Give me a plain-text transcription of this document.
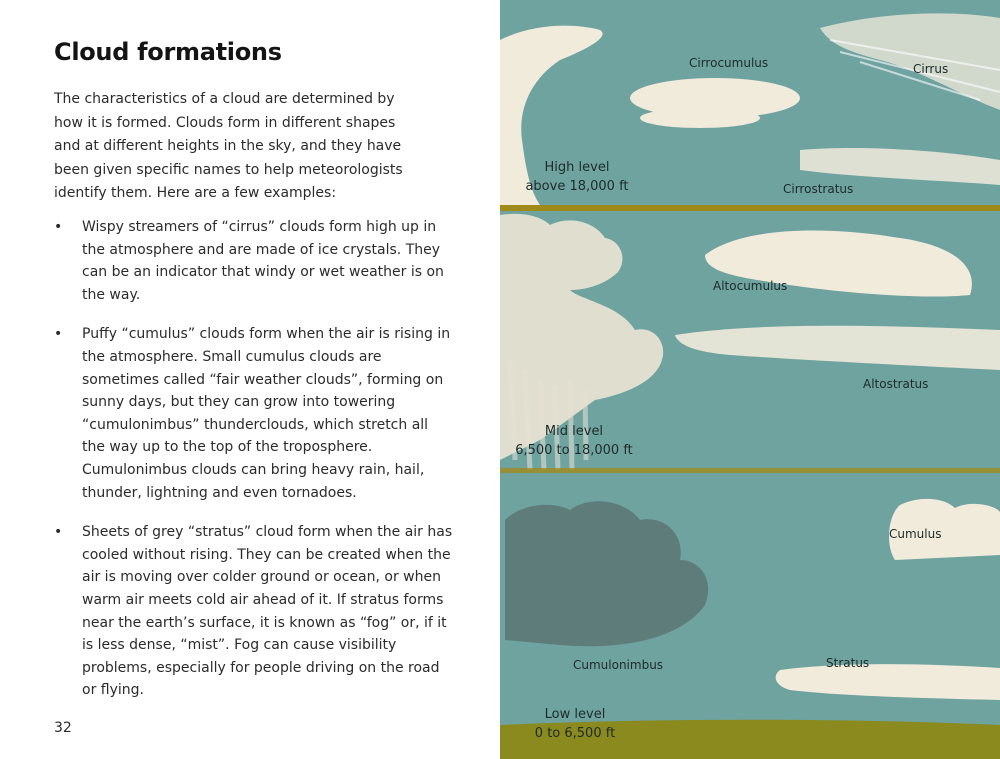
Cloud formations
The characteristics of a cloud are determined by how it is formed. Clouds form in different shapes and at different heights in the sky, and they have been given specific names to help meteorologists identify them. Here are a few examples:
• Wispy streamers of “cirrus” clouds form high up in the atmosphere and are made of ice crystals. They can be an indicator that windy or wet weather is on the way.
• Puffy “cumulus” clouds form when the air is rising in the atmosphere. Small cumulus clouds are sometimes called “fair weather clouds”, forming on sunny days, but they can grow into towering “cumulonimbus” thunderclouds, which stretch all the way up to the top of the troposphere. Cumulonimbus clouds can bring heavy rain, hail, thunder, lightning and even tornadoes.
• Sheets of grey “stratus” cloud form when the air has cooled without rising. They can be created when the air is moving over colder ground or ocean, or when warm air meets cold air ahead of it. If stratus forms near the earth’s surface, it is known as “fog” or, if it is less dense, “mist”. Fog can cause visibility problems, especially for people driving on the road or flying.
32
Cirrocumulus	Cirrus
Cirrostratus
High level
above 18,000 ft
Altocumulus
Altostratus
Mid level
6,500 to 18,000 ft
Cumulus
Cumulonimbus	Stratus
Low level
0 to 6,500 ft
